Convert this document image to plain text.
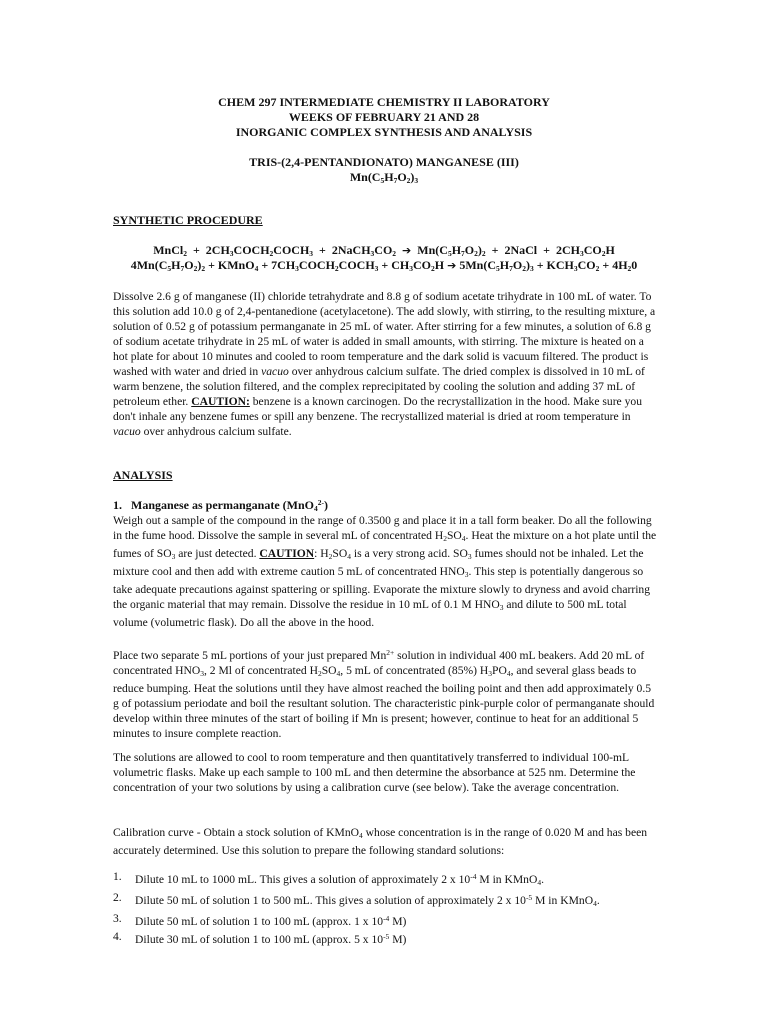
CHEM 297 INTERMEDIATE CHEMISTRY II LABORATORY
WEEKS OF FEBRUARY 21 AND 28
INORGANIC COMPLEX SYNTHESIS AND ANALYSIS
TRIS-(2,4-PENTANDIONATO) MANGANESE (III)
$Mn(C_5H_7O_2)_3$
SYNTHETIC PROCEDURE
MnCl$_2$  +  $2CH_3COCH_2COCH_3$  +  $2NaCH_3CO_2$ ➔  $Mn(C_5H_7O_2)_2$  +  2NaCl  +  $2CH_3CO_2H$
$4Mn(C_5H_7O_2)_2$ + KMnO$_4$ + $7CH_3COCH_2COCH_3 + CH_3CO_2H$ ➔ $5Mn(C_5H_7O_2)_3 + KCH_3CO_2 + 4H_20$
Dissolve 2.6 g of manganese (II) chloride tetrahydrate and 8.8 g of sodium acetate trihydrate in 100 mL of water. To this solution add 10.0 g of 2,4-pentanedione (acetylacetone). The add slowly, with stirring, to the resulting mixture, a solution of 0.52 g of potassium permanganate in 25 mL of water. After stirring for a few minutes, a solution of 6.8 g of sodium acetate trihydrate in 25 mL of water is added in small amounts, with stirring. The mixture is heated on a hot plate for about 10 minutes and cooled to room temperature and the dark solid is vacuum filtered. The product is washed with water and dried in vacuo over anhydrous calcium sulfate. The dried complex is dissolved in 10 mL of warm benzene, the solution filtered, and the complex reprecipitated by cooling the solution and adding 37 mL of petroleum ether. CAUTION: benzene is a known carcinogen. Do the recrystallization in the hood. Make sure you don't inhale any benzene fumes or spill any benzene. The recrystallized material is dried at room temperature in vacuo over anhydrous calcium sulfate.
ANALYSIS
1. Manganese as permanganate (MnO$_4^{2-}$)
Weigh out a sample of the compound in the range of 0.3500 g and place it in a tall form beaker. Do all the following in the fume hood. Dissolve the sample in several mL of concentrated $H_2SO_4$. Heat the mixture on a hot plate until the fumes of $SO_3$ are just detected. CAUTION: $H_2SO_4$ is a very strong acid. $SO_3$ fumes should not be inhaled. Let the mixture cool and then add with extreme caution 5 mL of concentrated $HNO_3$. This step is potentially dangerous so take adequate precautions against spattering or spilling. Evaporate the mixture slowly to dryness and avoid charring the organic material that may remain. Dissolve the residue in 10 mL of 0.1 M $HNO_3$ and dilute to 500 mL total volume (volumetric flask). Do all the above in the hood.
Place two separate 5 mL portions of your just prepared $Mn^{2+}$ solution in individual 400 mL beakers. Add 20 mL of concentrated $HNO_3$, 2 Ml of concentrated $H_2SO_4$, 5 mL of concentrated (85%) $H_3PO_4$, and several glass beads to reduce bumping. Heat the solutions until they have almost reached the boiling point and then add approximately 0.5 g of potassium periodate and boil the resultant solution. The characteristic pink-purple color of permanganate should develop within three minutes of the start of boiling if Mn is present; however, continue to heat for an additional 5 minutes to insure complete reaction.
The solutions are allowed to cool to room temperature and then quantitatively transferred to individual 100-mL volumetric flasks. Make up each sample to 100 mL and then determine the absorbance at 525 nm. Determine the concentration of your two solutions by using a calibration curve (see below). Take the average concentration.
Calibration curve - Obtain a stock solution of KMnO$_4$ whose concentration is in the range of 0.020 M and has been accurately determined. Use this solution to prepare the following standard solutions:
1.	Dilute 10 mL to 1000 mL. This gives a solution of approximately 2 x $10^{-4}$ M in KMnO$_4$.
2.	Dilute 50 mL of solution 1 to 500 mL. This gives a solution of approximately 2 x $10^{-5}$ M in KMnO$_4$.
3.	Dilute 50 mL of solution 1 to 100 mL (approx. 1 x $10^{-4}$ M)
4.	Dilute 30 mL of solution 1 to 100 mL (approx. 5 x $10^{-5}$ M)
